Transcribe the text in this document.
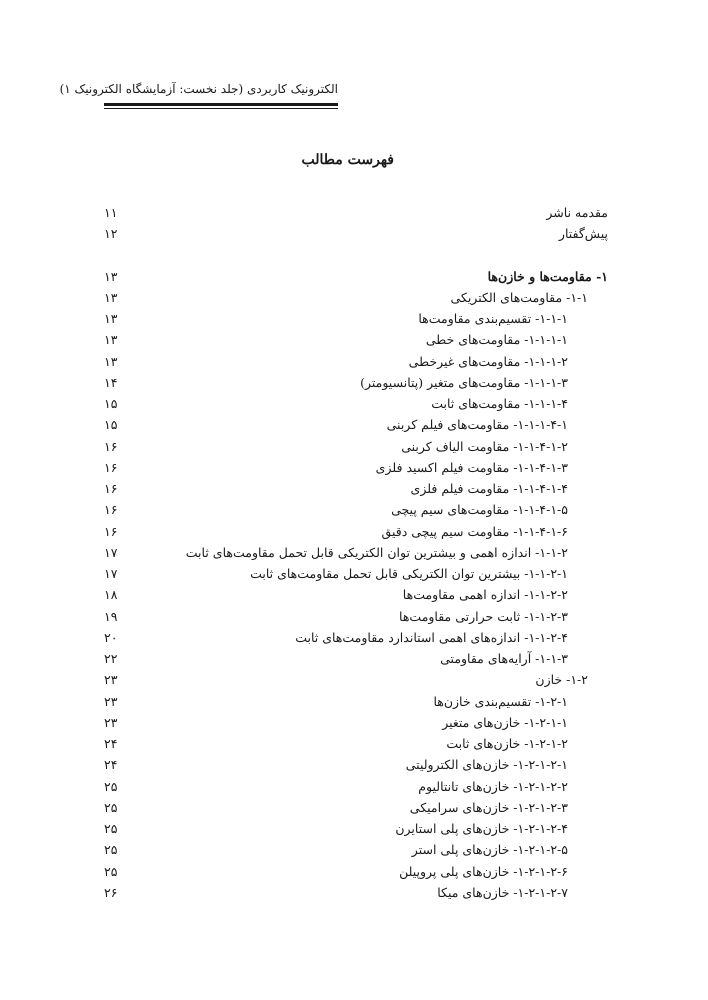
الکترونیک کاربردی (جلد نخست: آزمایشگاه الکترونیک ۱)
فهرست مطالب
مقدمه ناشر
۱۱
پیش‌گفتار
۱۲
۱- مقاومت‌ها و خازن‌ها
۱۳
۱-۱- مقاومت‌های الکتریکی
۱۳
۱-۱-۱- تقسیم‌بندی مقاومت‌ها
۱۳
۱-۱-۱-۱- مقاومت‌های خطی
۱۳
۱-۱-۱-۲- مقاومت‌های غیرخطی
۱۳
۱-۱-۱-۳- مقاومت‌های متغیر (پتانسیومتر)
۱۴
۱-۱-۱-۴- مقاومت‌های ثابت
۱۵
۱-۱-۱-۴-۱- مقاومت‌های فیلم کربنی
۱۵
۱-۱-۴-۱-۲- مقاومت الیاف کربنی
۱۶
۱-۱-۴-۱-۳- مقاومت فیلم اکسید فلزی
۱۶
۱-۱-۴-۱-۴- مقاومت فیلم فلزی
۱۶
۱-۱-۴-۱-۵- مقاومت‌های سیم پیچی
۱۶
۱-۱-۴-۱-۶- مقاومت سیم پیچی دقیق
۱۶
۱-۱-۲- اندازه اهمی و بیشترین توان الکتریکی قابل تحمل مقاومت‌های ثابت
۱۷
۱-۱-۲-۱- بیشترین توان الکتریکی قابل تحمل مقاومت‌های ثابت
۱۷
۱-۱-۲-۲- اندازه اهمی مقاومت‌ها
۱۸
۱-۱-۲-۳- ثابت حرارتی مقاومت‌ها
۱۹
۱-۱-۲-۴- اندازه‌های اهمی استاندارد مقاومت‌های ثابت
۲۰
۱-۱-۳- آرایه‌های مقاومتی
۲۲
۱-۲- خازن
۲۳
۱-۲-۱- تقسیم‌بندی خازن‌ها
۲۳
۱-۲-۱-۱- خازن‌های متغیر
۲۳
۱-۲-۱-۲- خازن‌های ثابت
۲۴
۱-۲-۱-۲-۱- خازن‌های الکترولیتی
۲۴
۱-۲-۱-۲-۲- خازن‌های تانتالیوم
۲۵
۱-۲-۱-۲-۳- خازن‌های سرامیکی
۲۵
۱-۲-۱-۲-۴- خازن‌های پلی استایرن
۲۵
۱-۲-۱-۲-۵- خازن‌های پلی استر
۲۵
۱-۲-۱-۲-۶- خازن‌های پلی پروپیلن
۲۵
۱-۲-۱-۲-۷- خازن‌های میکا
۲۶
